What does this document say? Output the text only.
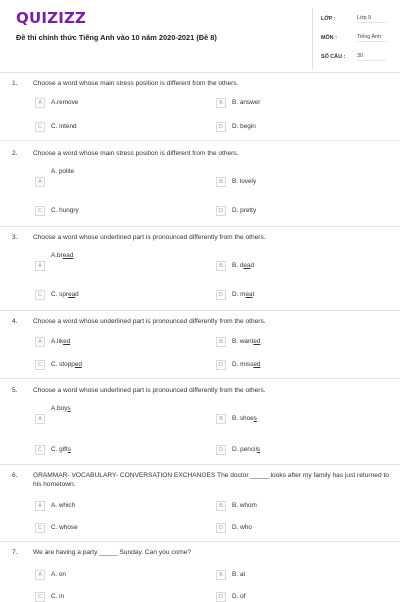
QUIZIZZ
Đề thi chính thức Tiếng Anh vào 10 năm 2020-2021 (Đề 8)
LỚP :	Lớp 9
MÔN :	Tiếng Anh
SỐ CÂU :	30
1. Choose a word whose main stress position is different from the others.
A	A.remove	B	B. answer
C	C. intend	D	D. begin
2. Choose a word whose main stress position is different from the others.
A
A. polite
B	B. lovely
C	C. hungry	D	D. pretty
3. Choose a word whose underlined part is pronounced differently from the others.
A
A.bread
B	B. dead
C	C. spread	D	D. meat
4. Choose a word whose underlined part is pronounced differently from the others.
A	A.liked	B	B. wanted
C	C. stopped	D	D. missed
5. Choose a word whose underlined part is pronounced differently from the others.
A
A.boys
B	B. shoes
C	C. gifts	D	D. pencils
6. GRAMMAR- VOCABULARY- CONVERSATION EXCHANGES The doctor _____ looks after my family has just returned to his hometown.
A	A. which	B	B. whom
C	C. whose	D	D. who
7. We are having a party _____ Sunday. Can you come?
A	A. on	B	B. at
C	C. in	D	D. of
